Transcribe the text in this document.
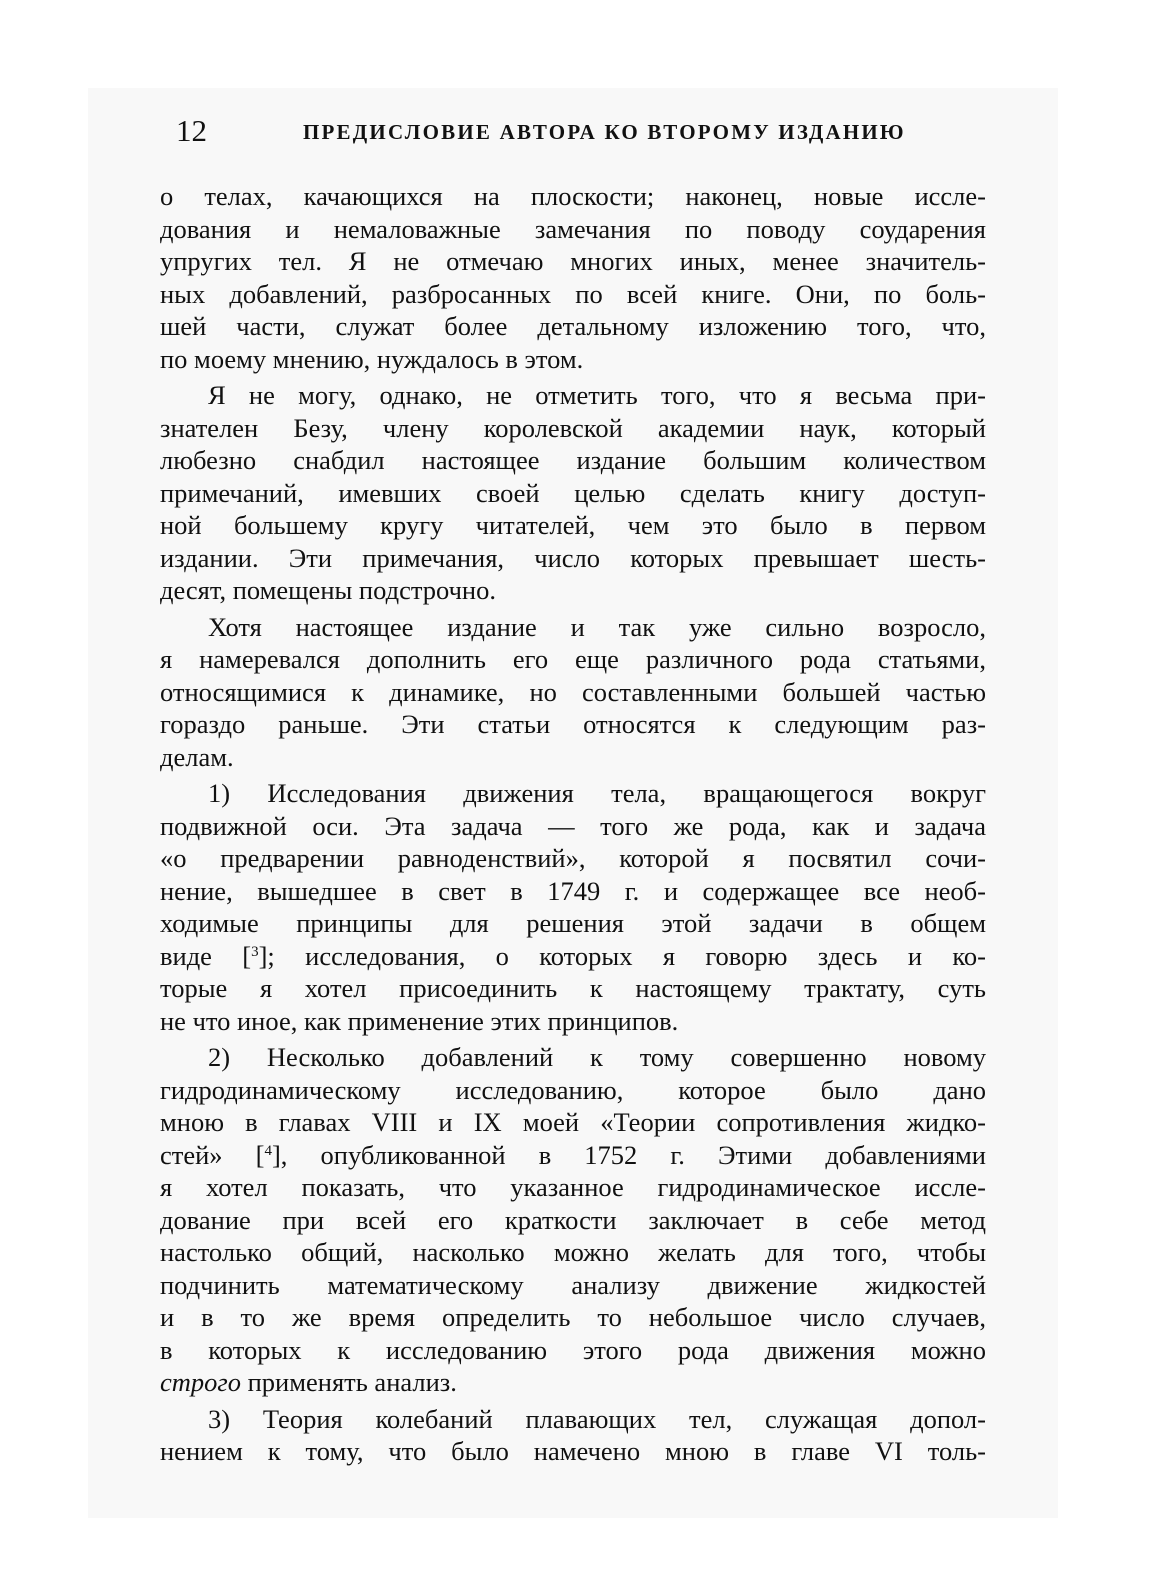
12	ПРЕДИСЛОВИЕ АВТОРА КО ВТОРОМУ ИЗДАНИЮ

о телах, качающихся на плоскости; наконец, новые иссле-
дования и немаловажные замечания по поводу соударения
упругих тел. Я не отмечаю многих иных, менее значитель-
ных добавлений, разбросанных по всей книге. Они, по боль-
шей части, служат более детальному изложению того, что,
по моему мнению, нуждалось в этом.

Я не могу, однако, не отметить того, что я весьма при-
знателен Безу, члену королевской академии наук, который
любезно снабдил настоящее издание большим количеством
примечаний, имевших своей целью сделать книгу доступ-
ной большему кругу читателей, чем это было в первом
издании. Эти примечания, число которых превышает шесть-
десят, помещены подстрочно.

Хотя настоящее издание и так уже сильно возросло,
я намеревался дополнить его еще различного рода статьями,
относящимися к динамике, но составленными большей частью
гораздо раньше. Эти статьи относятся к следующим раз-
делам.

1) Исследования движения тела, вращающегося вокруг
подвижной оси. Эта задача — того же рода, как и задача
«о предварении равноденствий», которой я посвятил сочи-
нение, вышедшее в свет в 1749 г. и содержащее все необ-
ходимые принципы для решения этой задачи в общем
виде [$^3$]; исследования, о которых я говорю здесь и ко-
торые я хотел присоединить к настоящему трактату, суть
не что иное, как применение этих принципов.

2) Несколько добавлений к тому совершенно новому
гидродинамическому исследованию, которое было дано
мною в главах VIII и IX моей «Теории сопротивления жидко-
стей» [$^4$], опубликованной в 1752 г. Этими добавлениями
я хотел показать, что указанное гидродинамическое иссле-
дование при всей его краткости заключает в себе метод
настолько общий, насколько можно желать для того, чтобы
подчинить математическому анализу движение жидкостей
и в то же время определить то небольшое число случаев,
в которых к исследованию этого рода движения можно
строго применять анализ.

3) Теория колебаний плавающих тел, служащая допол-
нением к тому, что было намечено мною в главе VI толь-
